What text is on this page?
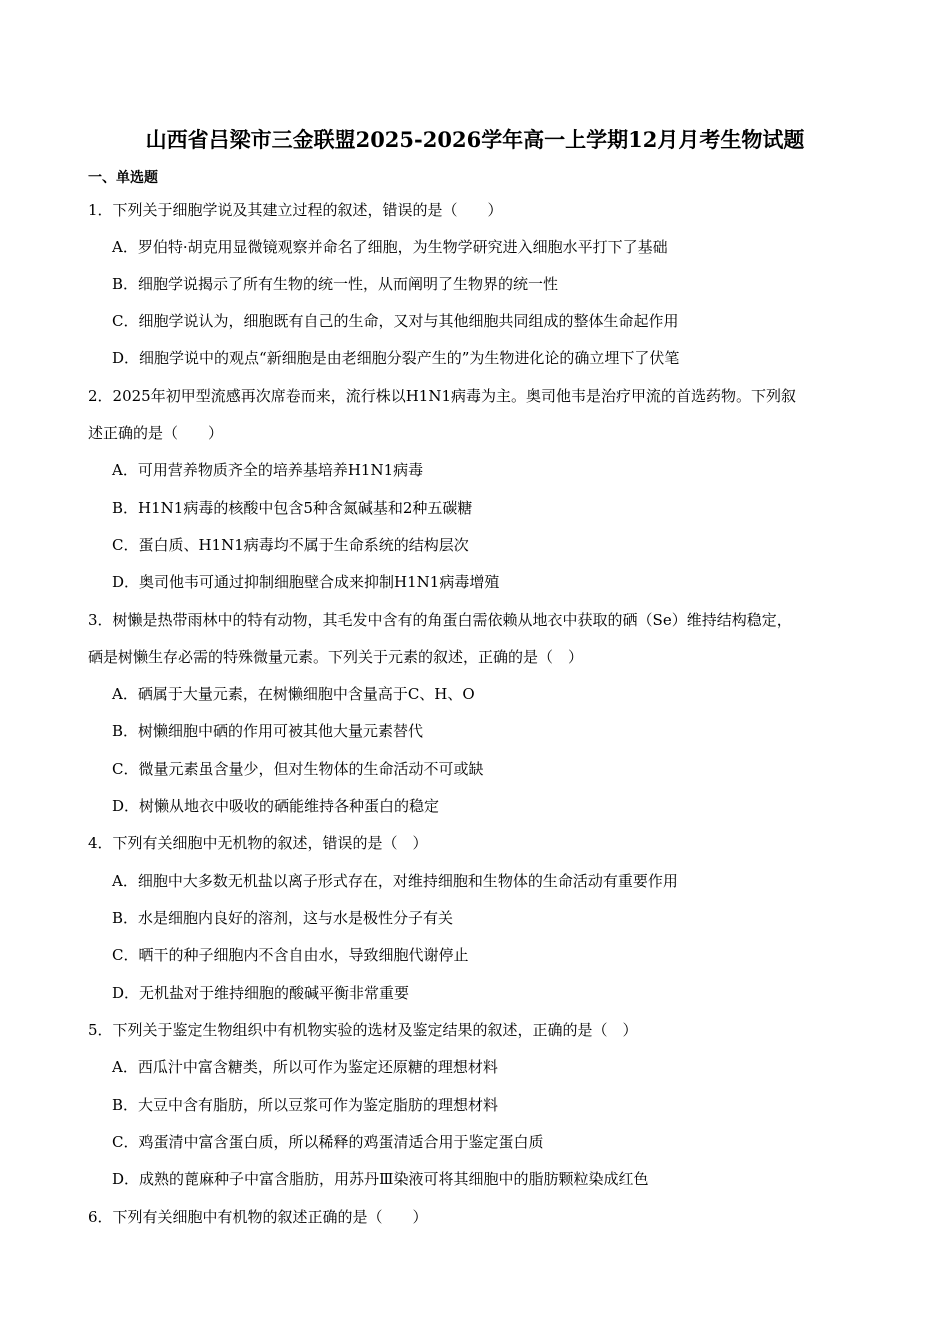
山西省吕梁市三金联盟2025-2026学年高一上学期12月月考生物试题
一、单选题
1．下列关于细胞学说及其建立过程的叙述，错误的是（　　）
A．罗伯特·胡克用显微镜观察并命名了细胞，为生物学研究进入细胞水平打下了基础
B．细胞学说揭示了所有生物的统一性，从而阐明了生物界的统一性
C．细胞学说认为，细胞既有自己的生命，又对与其他细胞共同组成的整体生命起作用
D．细胞学说中的观点“新细胞是由老细胞分裂产生的”为生物进化论的确立埋下了伏笔
2．2025年初甲型流感再次席卷而来，流行株以H1N1病毒为主。奥司他韦是治疗甲流的首选药物。下列叙
述正确的是（　　）
A．可用营养物质齐全的培养基培养H1N1病毒
B．H1N1病毒的核酸中包含5种含氮碱基和2种五碳糖
C．蛋白质、H1N1病毒均不属于生命系统的结构层次
D．奥司他韦可通过抑制细胞壁合成来抑制H1N1病毒增殖
3．树懒是热带雨林中的特有动物，其毛发中含有的角蛋白需依赖从地衣中获取的硒（Se）维持结构稳定，
硒是树懒生存必需的特殊微量元素。下列关于元素的叙述，正确的是（　）
A．硒属于大量元素，在树懒细胞中含量高于C、H、O
B．树懒细胞中硒的作用可被其他大量元素替代
C．微量元素虽含量少，但对生物体的生命活动不可或缺
D．树懒从地衣中吸收的硒能维持各种蛋白的稳定
4．下列有关细胞中无机物的叙述，错误的是（　）
A．细胞中大多数无机盐以离子形式存在，对维持细胞和生物体的生命活动有重要作用
B．水是细胞内良好的溶剂，这与水是极性分子有关
C．晒干的种子细胞内不含自由水，导致细胞代谢停止
D．无机盐对于维持细胞的酸碱平衡非常重要
5．下列关于鉴定生物组织中有机物实验的选材及鉴定结果的叙述，正确的是（　）
A．西瓜汁中富含糖类，所以可作为鉴定还原糖的理想材料
B．大豆中含有脂肪，所以豆浆可作为鉴定脂肪的理想材料
C．鸡蛋清中富含蛋白质，所以稀释的鸡蛋清适合用于鉴定蛋白质
D．成熟的蓖麻种子中富含脂肪，用苏丹Ⅲ染液可将其细胞中的脂肪颗粒染成红色
6．下列有关细胞中有机物的叙述正确的是（　　）
